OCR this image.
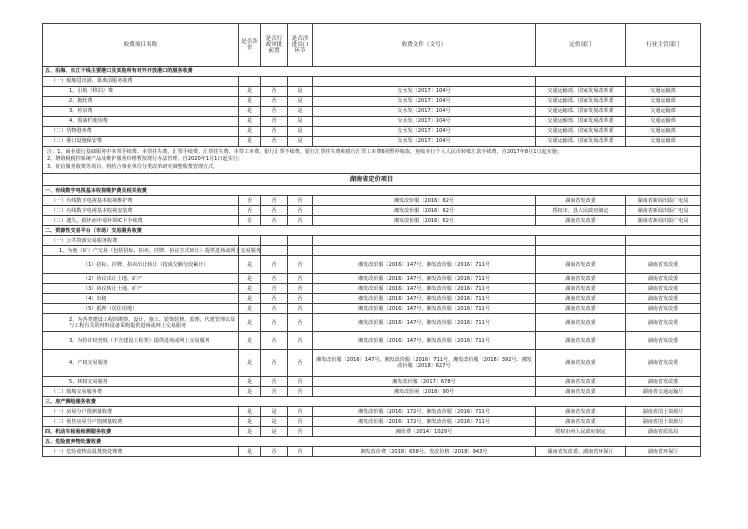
收费项目名称	是否涉企	是否行政审批前置	是否涉进出口环节	收费文件（文号）	定价部门	行业主管部门
五、沿海、长江干线主要港口及其他所有对外开放港口的服务收费						
（一）船舶进出港、靠离泊服务收费						
1、引航（移泊）费	是	否	是	交水发〔2017〕104号	交通运输部、国家发展改革委	交通运输部
2、拖轮费	是	否	是	交水发〔2017〕104号	交通运输部、国家发展改革委	交通运输部
3、停泊费	是	否	是	交水发〔2017〕104号	交通运输部、国家发展改革委	交通运输部
4、围油栏使用费	是	否	是	交水发〔2017〕104号	交通运输部、国家发展改革委	交通运输部
（二）货物港务费	是	否	是	交水发〔2017〕104号	交通运输部、国家发展改革委	交通运输部
（三）港口设施保安费	是	否	是	交水发〔2017〕104号	交通运输部、国家发展改革委	交通运输部

注：1、商业银行基础服务中本票手续费、本票挂失费、汇票手续费、汇票挂失费、本票工本费、银行汇票手续费、银行汇票挂失费和银行汇票工本费6项暂停收取，免收本行个人人民币转账汇款手续费，自2017年8月1日起实施；
2、增值税税控系统产品及维护服务价格暂按现行办法管理，自2020年1月1日起实行；
3、征信服务收费等项目，将结合事业单位分类改革研究调整收费管理方式。						

湖南省定价项目						
一、有线数字电视基本收视维护费及相关收费						
（一）有线数字电视基本收视维护费	否	否	否	湘发改价服〔2016〕62号	湖南省发改委	湖南省新闻出版广电局
（二）有线数字电视基本收视安装费	否	否	否	湘发改价服〔2016〕62号	授权市、县人民政府制定	湖南省新闻出版广电局
（三）遗失、损坏而申请补领IC卡手续费	否	否	否	湘发改价服〔2016〕62号	湖南省发改委	湖南省新闻出版广电局
二、资源性交易平台（市场）交易服务收费						
（一）公共资源交易服务收费						
1、为地（矿）产交易（包括招标、拍卖、挂牌、协议方式转让）提供进场或网上交易服务						
（1）招标、挂牌、拍卖出让转让（按成交额分段累计）	是	否	否	湘发改价服〔2016〕147号、湘发改价服〔2016〕711号	湖南省发改委	湖南省发改委
（2）协议出让土地、矿产	是	否	否	湘发改价服〔2016〕147号、湘发改价服〔2016〕711号	湖南省发改委	湖南省发改委
（3）协议转让土地、矿产	是	否	否	湘发改价服〔2016〕147号、湘发改价服〔2016〕711号	湖南省发改委	湖南省发改委
（4）出租	是	否	否	湘发改价服〔2016〕147号、湘发改价服〔2016〕711号	湖南省发改委	湖南省发改委
（5）抵押（居住用地）	是	否	否	湘发改价服〔2016〕147号、湘发改价服〔2016〕711号	湖南省发改委	湖南省发改委
2、为各类建设工程的勘察、设计、施工、装饰装修、监理、代建管理以及与工程有关的材料设备采购提供进场或网上交易服务	是	否	否	湘发改价服〔2016〕147号、湘发改价服〔2016〕711号	湖南省发改委	湖南省发改委
3、为特许经营权（不含建设工程类）提供进场或网上交易服务	是	否	否	湘发改价服〔2016〕147号、湘发改价服〔2016〕711号	湖南省发改委	湖南省发改委
4、产权交易服务	是	否	否	湘发改价服〔2016〕147号、湘发改价服〔2016〕711号、湘发改价服〔2018〕392号、湘发改价服〔2018〕627号	湖南省发改委	湖南省发改委
5、林权交易服务	是	否	否	湘发改价服〔2017〕678号	湖南省发改委	湖南省发改委
（二）船舶交易服务费	是	否	否	湘发改价函〔2018〕90号	湖南省发改委	湖南省交通运输厅
三、房产测绘服务收费						
（一）房屋分户图测量收费	是	是	否	湘发改价服〔2016〕172号、湘发改价服〔2016〕711号	湖南省发改委	湖南省国土资源厅
（二）预售房屋分户图测量收费	是	是	否	湘发改价服〔2016〕172号、湘发改价服〔2016〕711号	湖南省发改委	湖南省国土资源厅
四、机动车检验检测服务收费	是	是	否	湘价费〔2014〕1029号	授权市州人民政府制定	湖南省质监局
五、危险废弃物处置收费						
（一）危险废物高温焚烧处理费	是	否	否	湘发改价费〔2018〕658号、发改价格〔2018〕943号	湖南省发改委、湖南省环保厅	湖南省环保厅
